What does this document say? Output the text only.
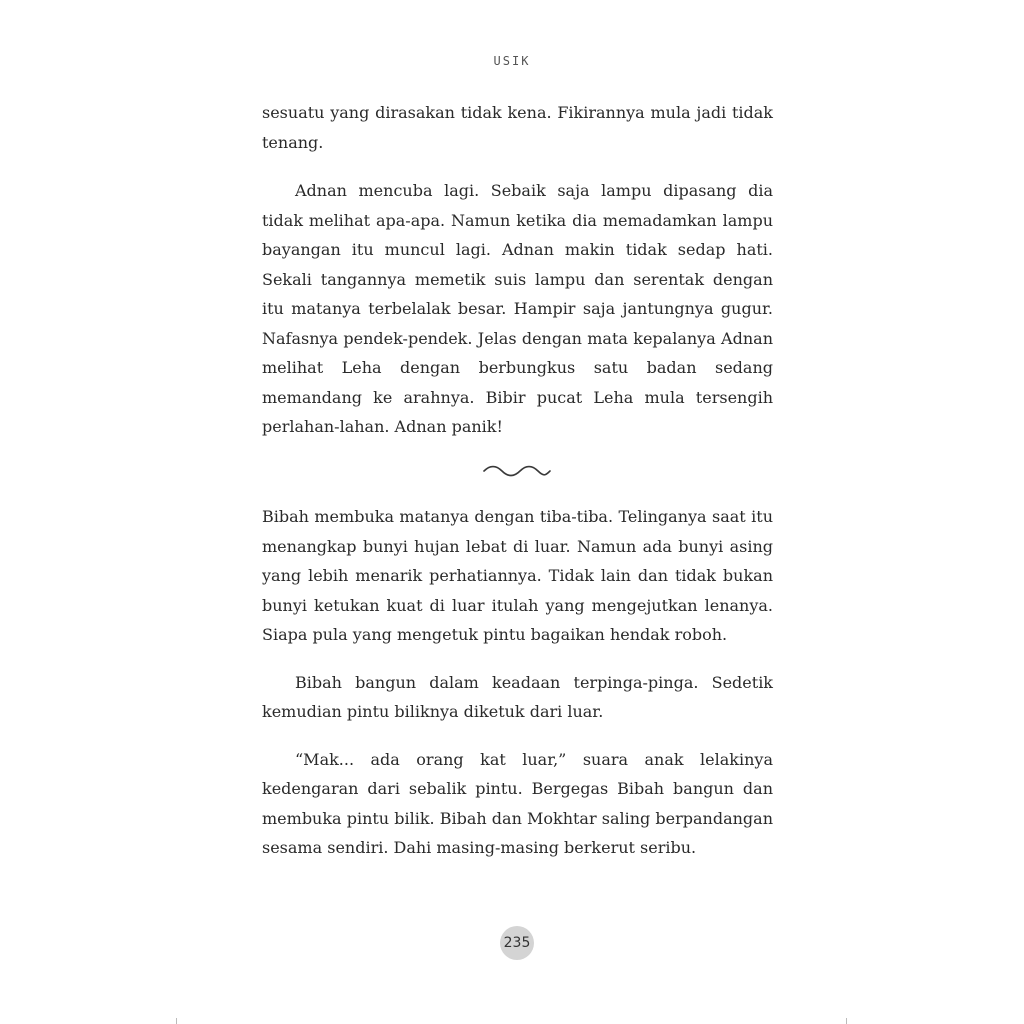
USIK

sesuatu yang dirasakan tidak kena. Fikirannya mula jadi tidak tenang.

Adnan mencuba lagi. Sebaik saja lampu dipasang dia tidak melihat apa-apa. Namun ketika dia memadamkan lampu bayangan itu muncul lagi. Adnan makin tidak sedap hati. Sekali tangannya memetik suis lampu dan serentak dengan itu matanya terbelalak besar. Hampir saja jantungnya gugur. Nafasnya pendek-pendek. Jelas dengan mata kepalanya Adnan melihat Leha dengan berbungkus satu badan sedang memandang ke arahnya. Bibir pucat Leha mula tersengih perlahan-lahan. Adnan panik!

Bibah membuka matanya dengan tiba-tiba. Telinganya saat itu menangkap bunyi hujan lebat di luar. Namun ada bunyi asing yang lebih menarik perhatiannya. Tidak lain dan tidak bukan bunyi ketukan kuat di luar itulah yang mengejutkan lenanya. Siapa pula yang mengetuk pintu bagaikan hendak roboh.

Bibah bangun dalam keadaan terpinga-pinga. Sedetik kemudian pintu biliknya diketuk dari luar.

“Mak... ada orang kat luar,” suara anak lelakinya kedengaran dari sebalik pintu. Bergegas Bibah bangun dan membuka pintu bilik. Bibah dan Mokhtar saling berpandangan sesama sendiri. Dahi masing-masing berkerut seribu.

235
